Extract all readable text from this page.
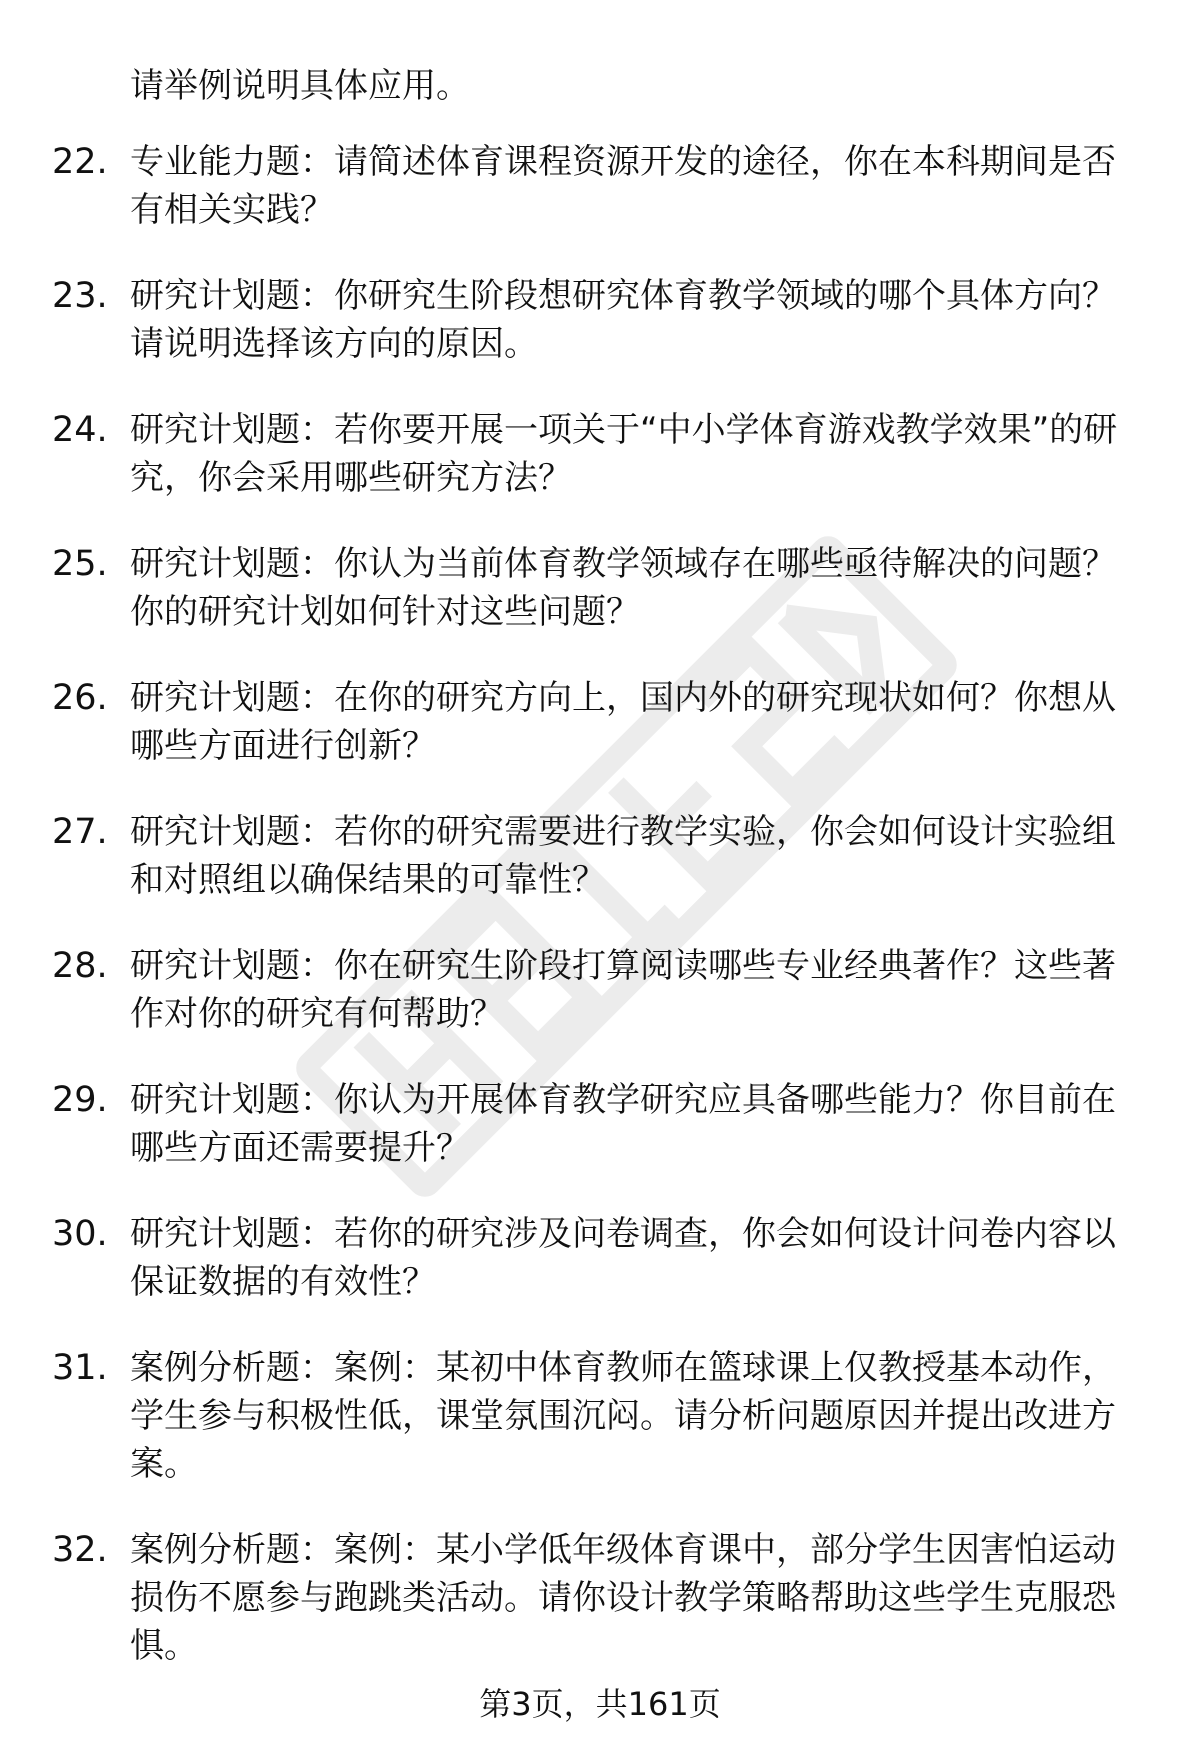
请举例说明具体应用。
22. 专业能力题：请简述体育课程资源开发的途径，你在本科期间是否有相关实践？
23. 研究计划题：你研究生阶段想研究体育教学领域的哪个具体方向？请说明选择该方向的原因。
24. 研究计划题：若你要开展一项关于“中小学体育游戏教学效果”的研究，你会采用哪些研究方法？
25. 研究计划题：你认为当前体育教学领域存在哪些亟待解决的问题？你的研究计划如何针对这些问题？
26. 研究计划题：在你的研究方向上，国内外的研究现状如何？你想从哪些方面进行创新？
27. 研究计划题：若你的研究需要进行教学实验，你会如何设计实验组和对照组以确保结果的可靠性？
28. 研究计划题：你在研究生阶段打算阅读哪些专业经典著作？这些著作对你的研究有何帮助？
29. 研究计划题：你认为开展体育教学研究应具备哪些能力？你目前在哪些方面还需要提升？
30. 研究计划题：若你的研究涉及问卷调查，你会如何设计问卷内容以保证数据的有效性？
31. 案例分析题：案例：某初中体育教师在篮球课上仅教授基本动作，学生参与积极性低，课堂氛围沉闷。请分析问题原因并提出改进方案。
32. 案例分析题：案例：某小学低年级体育课中，部分学生因害怕运动损伤不愿参与跑跳类活动。请你设计教学策略帮助这些学生克服恐惧。
第3页，共161页
